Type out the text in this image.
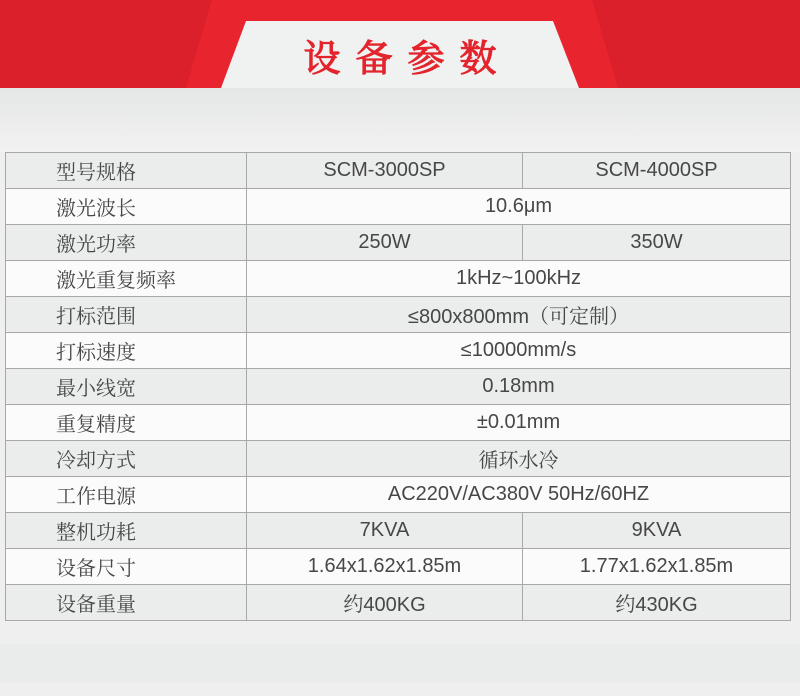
设备参数
型号规格	SCM-3000SP	SCM-4000SP
激光波长	10.6μm	
激光功率	250W	350W
激光重复频率	1kHz~100kHz	
打标范围	≤800x800mm（可定制）	
打标速度	≤10000mm/s	
最小线宽	0.18mm	
重复精度	±0.01mm	
冷却方式	循环水冷	
工作电源	AC220V/AC380V 50Hz/60HZ	
整机功耗	7KVA	9KVA
设备尺寸	1.64x1.62x1.85m	1.77x1.62x1.85m
设备重量	约400KG	约430KG
